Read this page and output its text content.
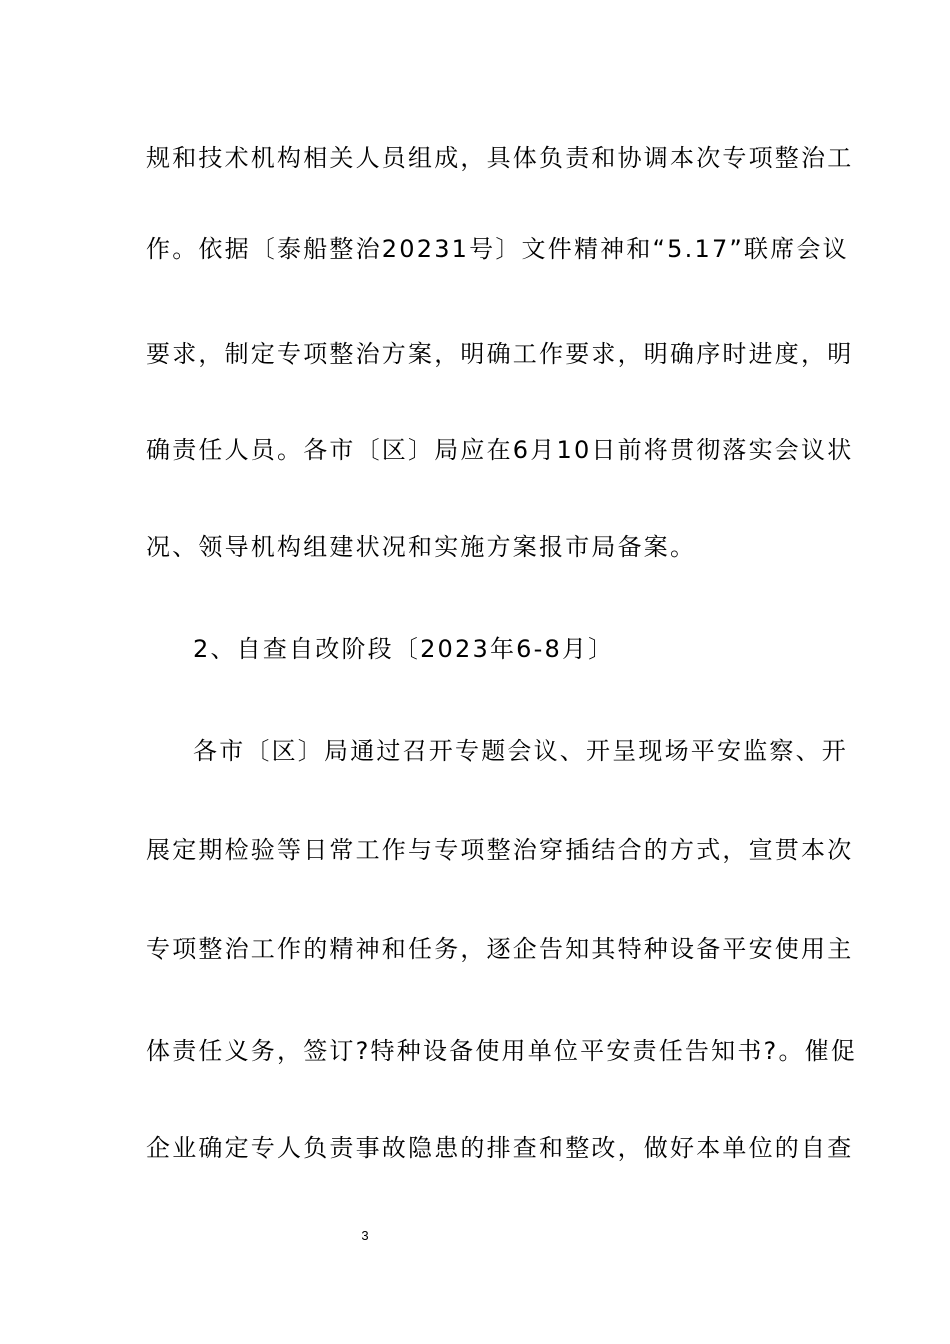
规和技术机构相关人员组成，具体负责和协调本次专项整治工
作。依据〔泰船整治20231号〕文件精神和“5.17”联席会议
要求，制定专项整治方案，明确工作要求，明确序时进度，明
确责任人员。各市〔区〕局应在6月10日前将贯彻落实会议状
况、领导机构组建状况和实施方案报市局备案。
2、自查自改阶段〔2023年6-8月〕
各市〔区〕局通过召开专题会议、开呈现场平安监察、开
展定期检验等日常工作与专项整治穿插结合的方式，宣贯本次
专项整治工作的精神和任务，逐企告知其特种设备平安使用主
体责任义务，签订?特种设备使用单位平安责任告知书?。催促
企业确定专人负责事故隐患的排查和整改，做好本单位的自查
3
